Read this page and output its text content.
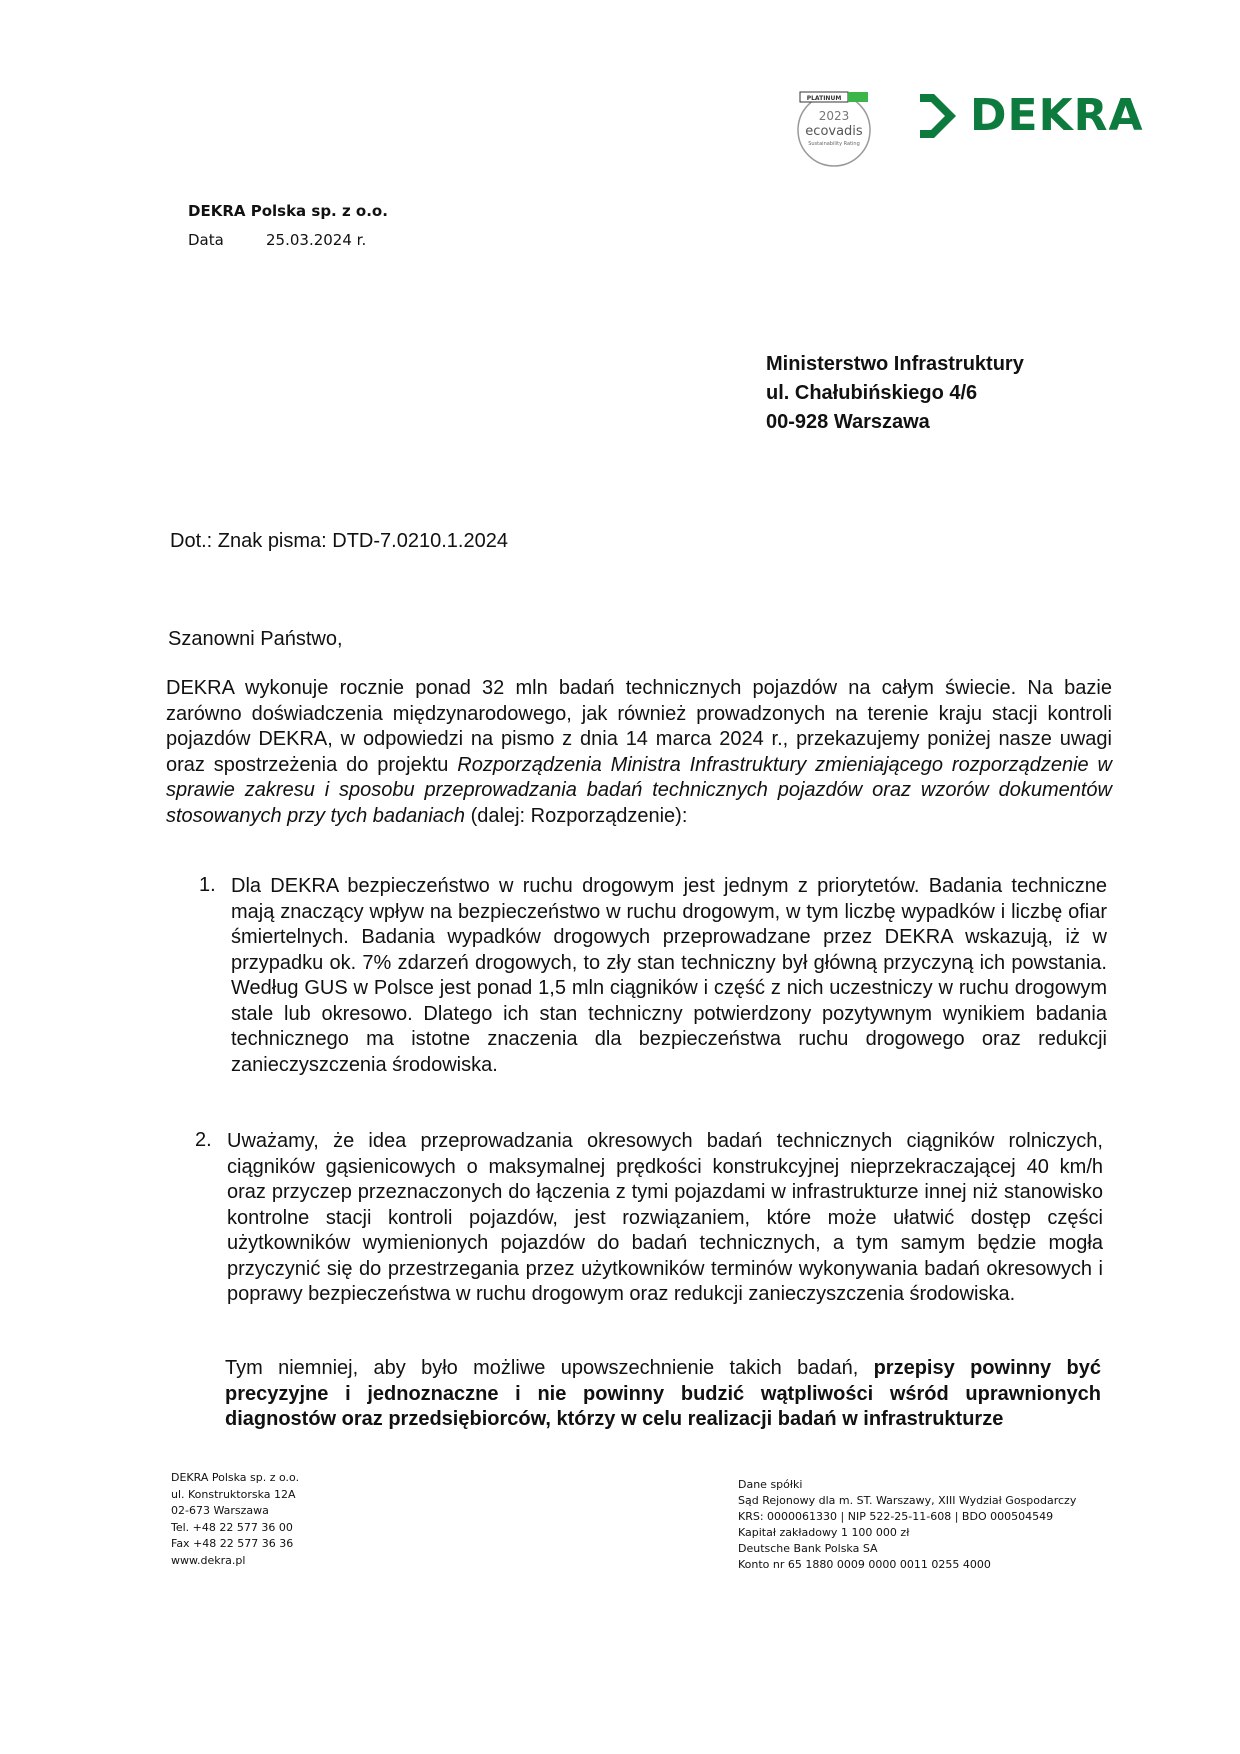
PLATINUM
2023
ecovadis
Sustainability Rating
DEKRA
DEKRA Polska sp. z o.o.
Data	25.03.2024 r.
Ministerstwo Infrastruktury
ul. Chałubińskiego 4/6
00-928 Warszawa
Dot.: Znak pisma: DTD-7.0210.1.2024
Szanowni Państwo,
DEKRA wykonuje rocznie ponad 32 mln badań technicznych pojazdów na całym świecie. Na bazie zarówno doświadczenia międzynarodowego, jak również prowadzonych na terenie kraju stacji kontroli pojazdów DEKRA, w odpowiedzi na pismo z dnia 14 marca 2024 r., przekazujemy poniżej nasze uwagi oraz spostrzeżenia do projektu Rozporządzenia Ministra Infrastruktury zmieniającego rozporządzenie w sprawie zakresu i sposobu przeprowadzania badań technicznych pojazdów oraz wzorów dokumentów stosowanych przy tych badaniach (dalej: Rozporządzenie):
1. Dla DEKRA bezpieczeństwo w ruchu drogowym jest jednym z priorytetów. Badania techniczne mają znaczący wpływ na bezpieczeństwo w ruchu drogowym, w tym liczbę wypadków i liczbę ofiar śmiertelnych. Badania wypadków drogowych przeprowadzane przez DEKRA wskazują, iż w przypadku ok. 7% zdarzeń drogowych, to zły stan techniczny był główną przyczyną ich powstania. Według GUS w Polsce jest ponad 1,5 mln ciągników i część z nich uczestniczy w ruchu drogowym stale lub okresowo. Dlatego ich stan techniczny potwierdzony pozytywnym wynikiem badania technicznego ma istotne znaczenia dla bezpieczeństwa ruchu drogowego oraz redukcji zanieczyszczenia środowiska.
2. Uważamy, że idea przeprowadzania okresowych badań technicznych ciągników rolniczych, ciągników gąsienicowych o maksymalnej prędkości konstrukcyjnej nieprzekraczającej 40 km/h oraz przyczep przeznaczonych do łączenia z tymi pojazdami w infrastrukturze innej niż stanowisko kontrolne stacji kontroli pojazdów, jest rozwiązaniem, które może ułatwić dostęp części użytkowników wymienionych pojazdów do badań technicznych, a tym samym będzie mogła przyczynić się do przestrzegania przez użytkowników terminów wykonywania badań okresowych i poprawy bezpieczeństwa w ruchu drogowym oraz redukcji zanieczyszczenia środowiska.
Tym niemniej, aby było możliwe upowszechnienie takich badań, przepisy powinny być precyzyjne i jednoznaczne i nie powinny budzić wątpliwości wśród uprawnionych diagnostów oraz przedsiębiorców, którzy w celu realizacji badań w infrastrukturze
DEKRA Polska sp. z o.o.
ul. Konstruktorska 12A
02-673 Warszawa
Tel. +48 22 577 36 00
Fax +48 22 577 36 36
www.dekra.pl
Dane spółki
Sąd Rejonowy dla m. ST. Warszawy, XIII Wydział Gospodarczy
KRS: 0000061330 | NIP 522-25-11-608 | BDO 000504549
Kapitał zakładowy 1 100 000 zł
Deutsche Bank Polska SA
Konto nr 65 1880 0009 0000 0011 0255 4000
